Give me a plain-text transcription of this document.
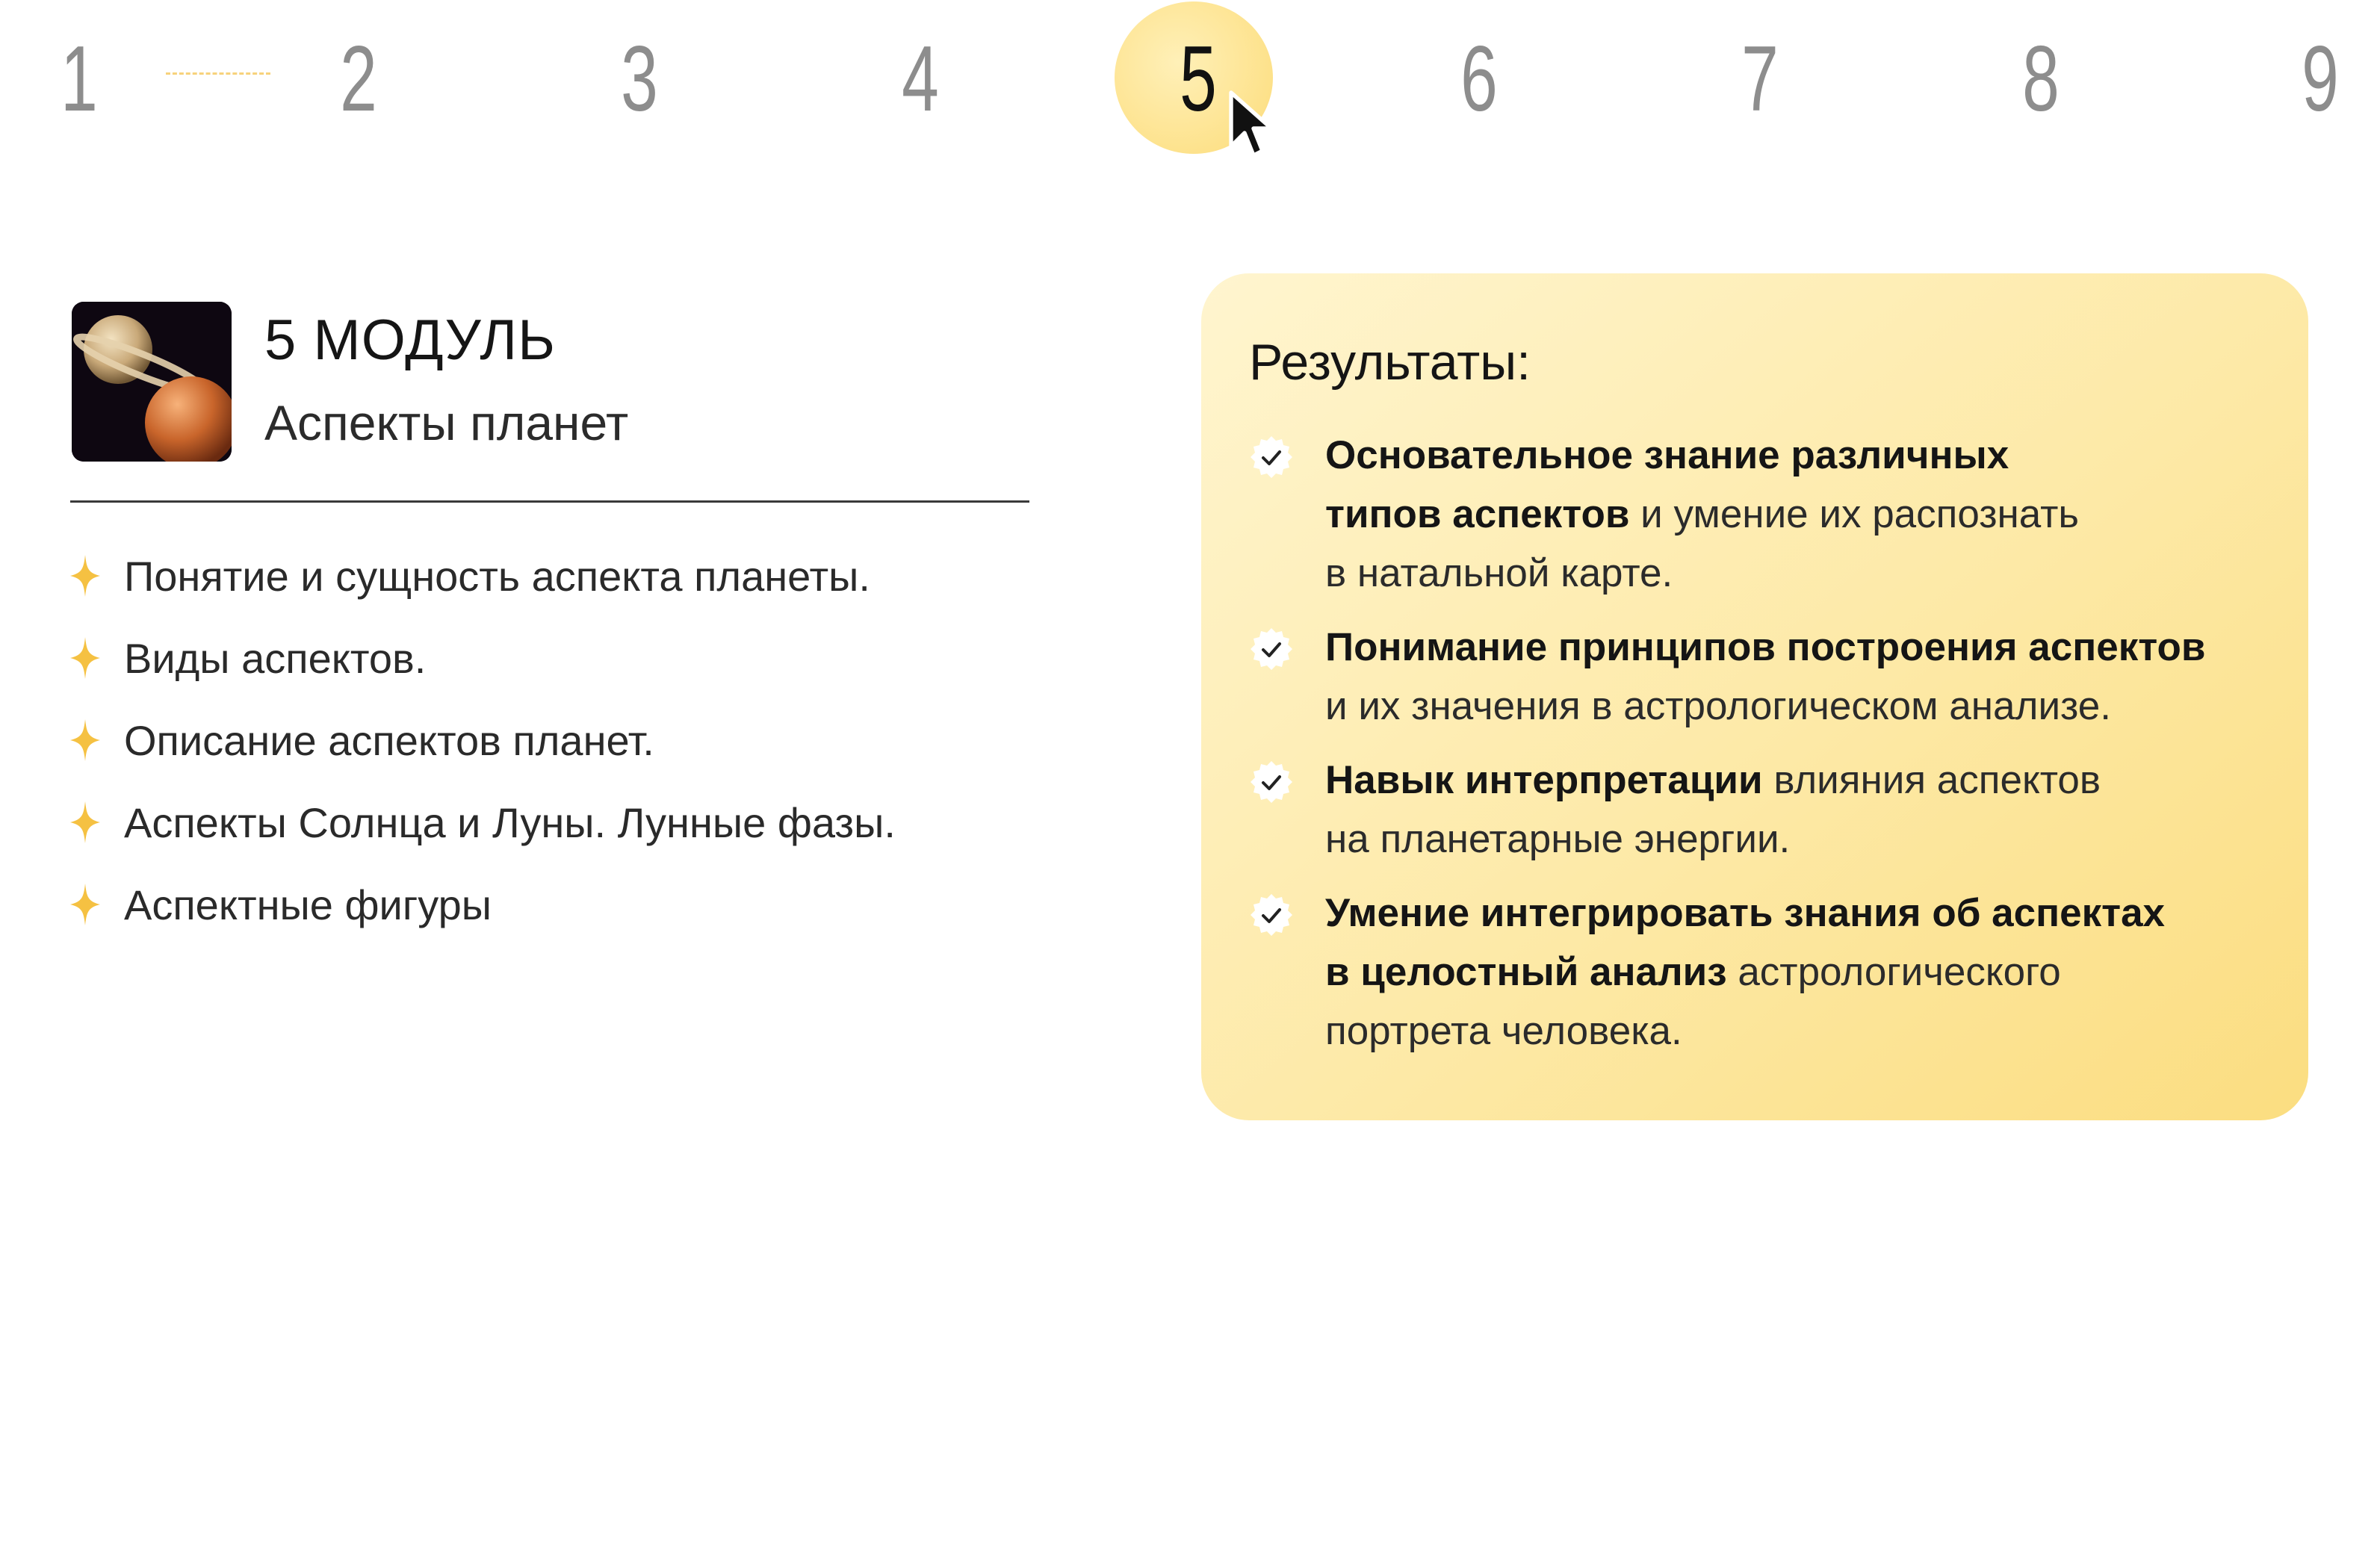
1	2	3	4	5	6	7	8	9
5 МОДУЛЬ
Аспекты планет
Понятие и сущность аспекта планеты.
Виды аспектов.
Описание аспектов планет.
Аспекты Солнца и Луны. Лунные фазы.
Аспектные фигуры
Результаты:
Основательное знание различных
типов аспектов и умение их распознать
в натальной карте.
Понимание принципов построения аспектов
и их значения в астрологическом анализе.
Навык интерпретации влияния аспектов
на планетарные энергии.
Умение интегрировать знания об аспектах
в целостный анализ астрологического
портрета человека.
